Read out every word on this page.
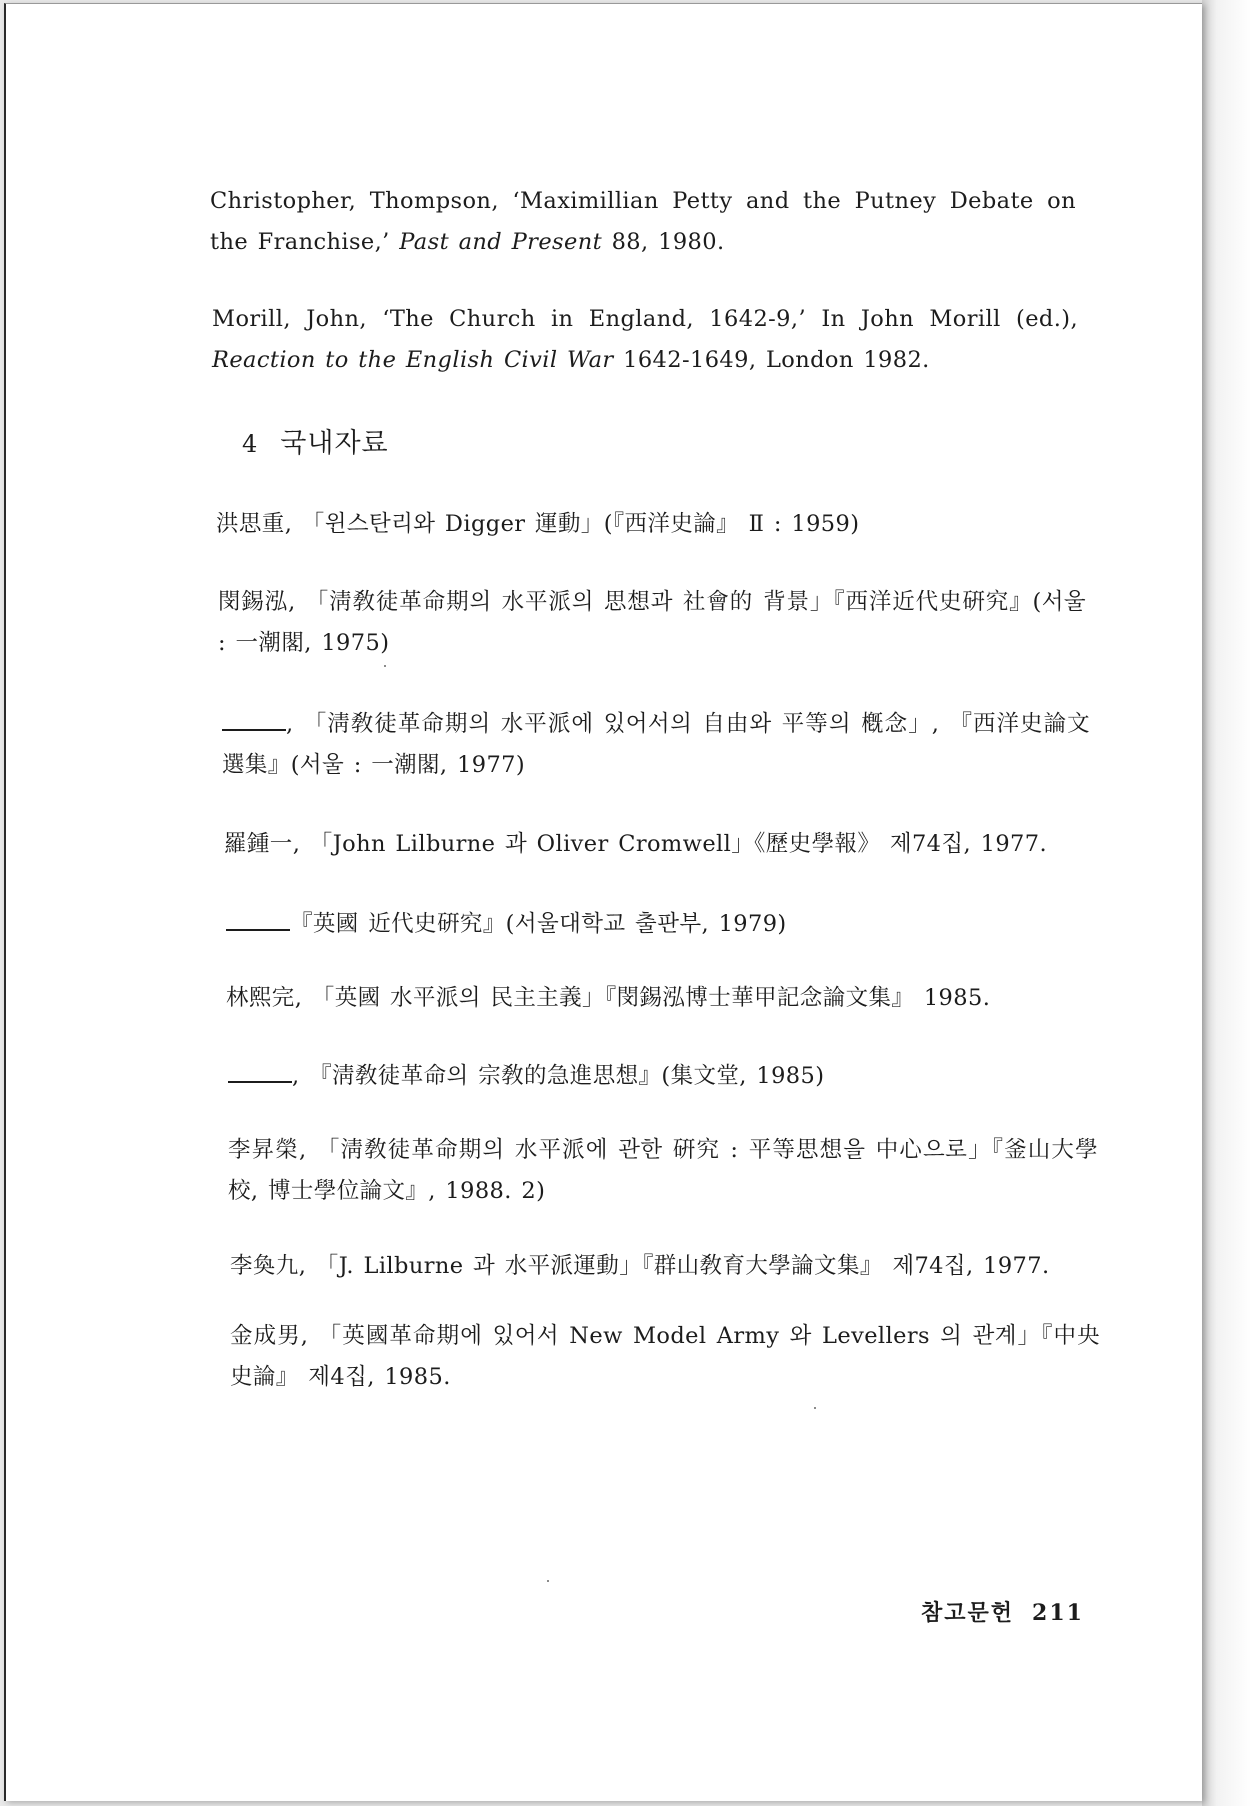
Christopher, Thompson, ‘Maximillian Petty and the Putney Debate on the Franchise,’ Past and Present 88, 1980.
Morill, John, ‘The Church in England, 1642-9,’ In John Morill (ed.), Reaction to the English Civil War 1642-1649, London 1982.
4 국내자료
洪思重, 「윈스탄리와 Digger 運動」(『西洋史論』 Ⅱ : 1959)
閔錫泓, 「淸敎徒革命期의 水平派의 思想과 社會的 背景」『西洋近代史硏究』(서울 : 一潮閣, 1975)
, 「淸敎徒革命期의 水平派에 있어서의 自由와 平等의 槪念」, 『西洋史論文選集』(서울 : 一潮閣, 1977)
羅鍾一, 「John Lilburne 과 Oliver Cromwell」《歷史學報》 제74집, 1977.
『英國 近代史硏究』(서울대학교 출판부, 1979)
林熙完, 「英國 水平派의 民主主義」『閔錫泓博士華甲記念論文集』 1985.
, 『淸敎徒革命의 宗敎的急進思想』(集文堂, 1985)
李昇榮, 「淸敎徒革命期의 水平派에 관한 硏究 : 平等思想을 中心으로」『釜山大學校, 博士學位論文』, 1988. 2)
李奐九, 「J. Lilburne 과 水平派運動」『群山敎育大學論文集』 제74집, 1977.
金成男, 「英國革命期에 있어서 New Model Army 와 Levellers 의 관계」『中央史論』 제4집, 1985.
참고문헌 211
